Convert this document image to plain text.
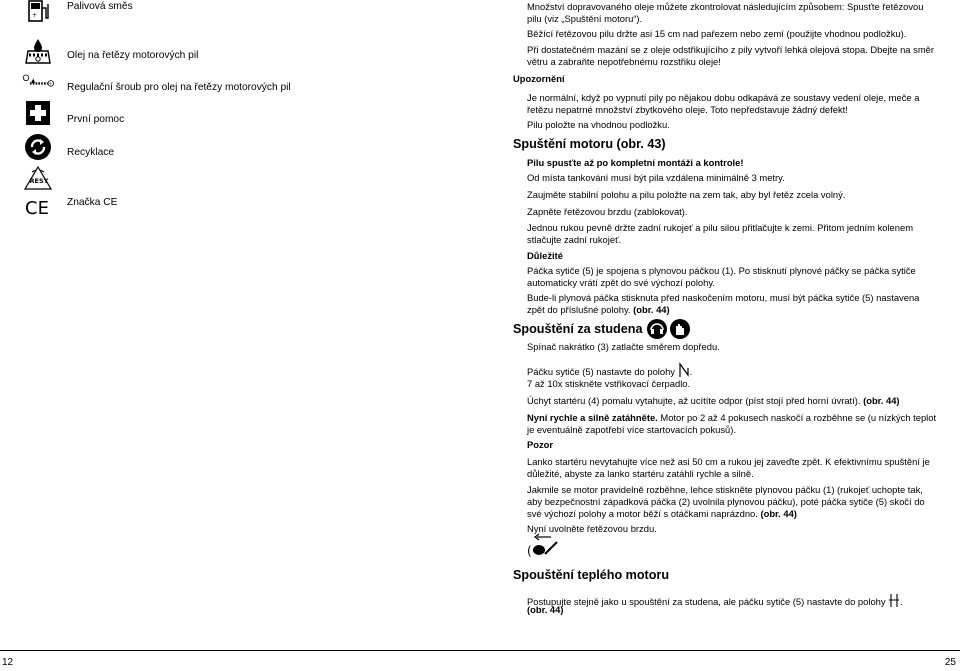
+
Palivová směs
Olej na řetězy motorových pil
-
+ Regulační šroub pro olej na řetězy motorových pil
První pomoc
Recyklace
RESY
CE Značka CE
Množství dopravovaného oleje můžete zkontrolovat následujícím způsobem: Spusťte řetězovou
pilu (viz „Spuštění motoru“).
Běžící řetězovou pilu držte asi 15 cm nad pařezem nebo zemí (použijte vhodnou podložku).
Při dostatečném mazání se z oleje odstřikujícího z pily vytvoří lehká olejová stopa. Dbejte na směr
větru a zabraňte nepotřebnému rozstřiku oleje!
Upozornění
Je normální, když po vypnutí pily po nějakou dobu odkapává ze soustavy vedení oleje, meče a
řetězu nepatrné množství zbytkového oleje. Toto nepředstavuje žádný defekt!
Pilu položte na vhodnou podložku.
Spuštění motoru (obr. 43)
Pilu spusťte až po kompletní montáži a kontrole!
Od místa tankování musí být pila vzdálena minimálně 3 metry.
Zaujměte stabilní polohu a pilu položte na zem tak, aby byl řetěz zcela volný.
Zapněte řetězovou brzdu (zablokovat).
Jednou rukou pevně držte zadní rukojeť a pilu silou přitlačujte k zemi. Přitom jedním kolenem
stlačujte zadní rukojeť.
Důležité
Páčka sytiče (5) je spojena s plynovou páčkou (1). Po stisknutí plynové páčky se páčka sytiče
automaticky vrátí zpět do své výchozí polohy.
Bude-li plynová páčka stisknuta před naskočením motoru, musí být páčka sytiče (5) nastavena
zpět do příslušné polohy. (obr. 44)
Spouštění za studena
Spínač nakrátko (3) zatlačte směrem dopředu.
Páčku sytiče (5) nastavte do polohy .
7 až 10x stiskněte vstřikovací čerpadlo.
Úchyt startéru (4) pomalu vytahujte, až ucítíte odpor (píst stojí před horní úvratí). (obr. 44)
Nyní rychle a silně zatáhněte. Motor po 2 až 4 pokusech naskočí a rozběhne se (u nízkých teplot
je eventuálně zapotřebí více startovacích pokusů).
Pozor
Lanko startéru nevytahujte více než asi 50 cm a rukou jej zaveďte zpět. K efektivnímu spuštění je
důležité, abyste za lanko startéru zatáhli rychle a silně.
Jakmile se motor pravidelně rozběhne, lehce stiskněte plynovou páčku (1) (rukojeť uchopte tak,
aby bezpečnostní západková páčka (2) uvolnila plynovou páčku), poté páčka sytiče (5) skočí do
své výchozí polohy a motor běží s otáčkami naprázdno. (obr. 44)
Nyní uvolněte řetězovou brzdu.
(
Spouštění teplého motoru
Postupujte stejně jako u spouštění za studena, ale páčku sytiče (5) nastavte do polohy .
(obr. 44)
12	25
